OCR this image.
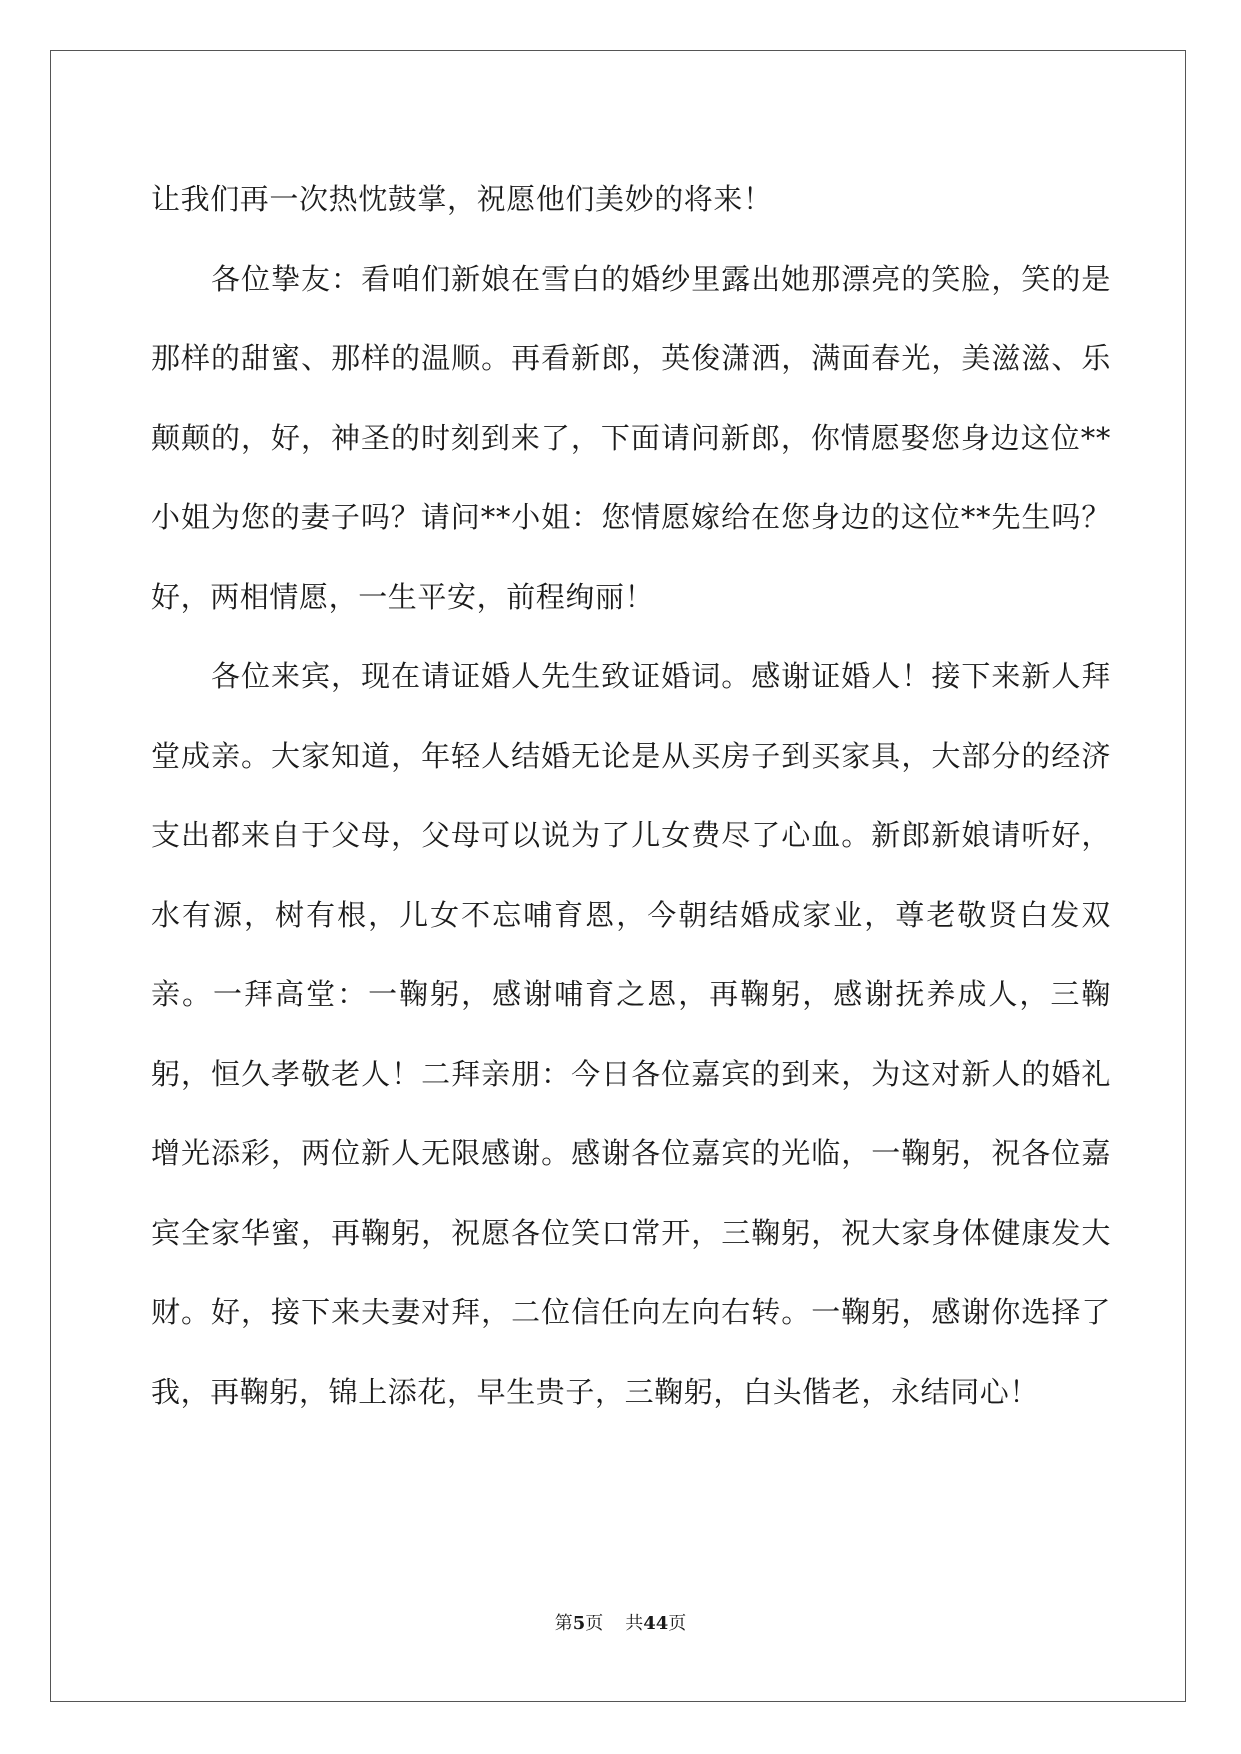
让我们再一次热忱鼓掌，祝愿他们美妙的将来！

各位挚友：看咱们新娘在雪白的婚纱里露出她那漂亮的笑脸，笑的是那样的甜蜜、那样的温顺。再看新郎，英俊潇洒，满面春光，美滋滋、乐颠颠的，好，神圣的时刻到来了，下面请问新郎，你情愿娶您身边这位**小姐为您的妻子吗？请问**小姐：您情愿嫁给在您身边的这位**先生吗？好，两相情愿，一生平安，前程绚丽！

各位来宾，现在请证婚人先生致证婚词。感谢证婚人！接下来新人拜堂成亲。大家知道，年轻人结婚无论是从买房子到买家具，大部分的经济支出都来自于父母，父母可以说为了儿女费尽了心血。新郎新娘请听好，水有源，树有根，儿女不忘哺育恩，今朝结婚成家业，尊老敬贤白发双亲。一拜高堂：一鞠躬，感谢哺育之恩，再鞠躬，感谢抚养成人，三鞠躬，恒久孝敬老人！二拜亲朋：今日各位嘉宾的到来，为这对新人的婚礼增光添彩，两位新人无限感谢。感谢各位嘉宾的光临，一鞠躬，祝各位嘉宾全家华蜜，再鞠躬，祝愿各位笑口常开，三鞠躬，祝大家身体健康发大财。好，接下来夫妻对拜，二位信任向左向右转。一鞠躬，感谢你选择了我，再鞠躬，锦上添花，早生贵子，三鞠躬，白头偕老，永结同心！

第5页 共44页
